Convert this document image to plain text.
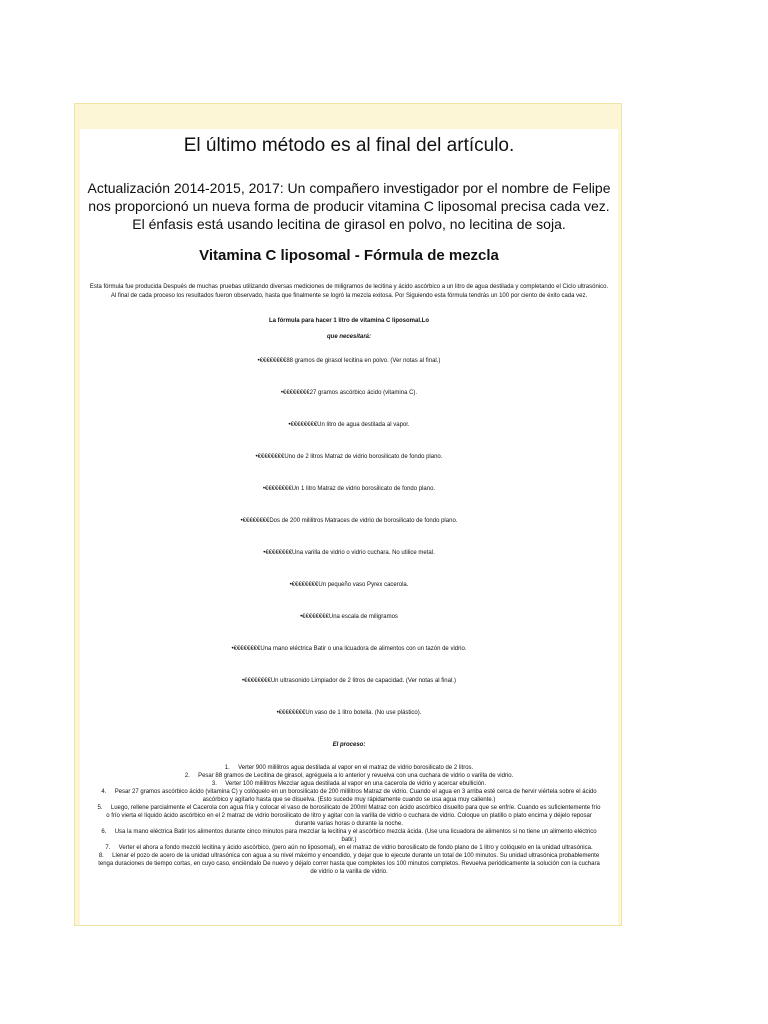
El último método es al final del artículo.

Actualización 2014-2015, 2017: Un compañero investigador por el nombre de Felipe nos proporcionó un nueva forma de producir vitamina C liposomal precisa cada vez. El énfasis está usando lecitina de girasol en polvo, no lecitina de soja.

Vitamina C liposomal - Fórmula de mezcla

Esta fórmula fue producida Después de muchas pruebas utilizando diversas mediciones de miligramos de lecitina y ácido ascórbico a un litro de agua destilada y completando el Ciclo ultrasónico. Al final de cada proceso los resultados fueron observado, hasta que finalmente se logró la mezcla exitosa. Por Siguiendo esta fórmula tendrás un 100 por ciento de éxito cada vez.

La fórmula para hacer 1 litro de vitamina C liposomal.Lo

que necesitará:

•€€€€€€€€88 gramos de girasol lecitina en polvo. (Ver notas al final.)
•€€€€€€€€27 gramos ascórbico ácido (vitamina C).
•€€€€€€€€Un litro de agua destilada al vapor.
•€€€€€€€€Uno de 2 litros Matraz de vidrio borosilicato de fondo plano.
•€€€€€€€€Un 1 litro Matraz de vidrio borosilicato de fondo plano.
•€€€€€€€€Dos de 200 mililitros Matraces de vidrio de borosilicato de fondo plano.
•€€€€€€€€Una varilla de vidrio o vidrio cuchara. No utilice metal.
•€€€€€€€€Un pequeño vaso Pyrex cacerola.
•€€€€€€€€Una escala de miligramos
•€€€€€€€€Una mano eléctrica Batir o una licuadora de alimentos con un tazón de vidrio.
•€€€€€€€€Un ultrasonido Limpiador de 2 litros de capacidad. (Ver notas al final.)
•€€€€€€€€Un vaso de 1 litro botella. (No use plástico).

El proceso:

1.     Verter 900 mililitros agua destilada al vapor en el matraz de vidrio borosilicato de 2 litros.
2.     Pesar 88 gramos de Lecitina de girasol, agréguela a lo anterior y revuelva con una cuchara de vidrio o varilla de vidrio.
3.     Verter 100 mililitros Mezclar agua destilada al vapor en una cacerola de vidrio y acercar ebullición.
4.     Pesar 27 gramos ascórbico ácido (vitamina C) y colóquelo en un borosilicato de 200 mililitros Matraz de vidrio. Cuando el agua en 3 arriba esté cerca de hervir viértela sobre el ácido ascórbico y agítarlo hasta que se disuelva. (Esto sucede muy rápidamente cuando se usa agua muy caliente.)
5.     Luego, rellene parcialmente el Cacerola con agua fría y colocar el vaso de borosilicato de 200ml Matraz con ácido ascórbico disuelto para que se enfríe. Cuando es suficientemente frío o frío vierta el líquido ácido ascórbico en el 2 matraz de vidrio borosilicato de litro y agitar con la varilla de vidrio o cuchara de vidrio. Coloque un platillo o plato encima y déjelo reposar durante varias horas o durante la noche.
6.     Usa la mano eléctrica Batir los alimentos durante cinco minutos para mezclar la lecitina y el ascórbico mezcla ácida. (Use una licuadora de alimentos si no tiene un alimento eléctrico batir.)
7.     Verter el ahora a fondo mezcló lecitina y ácido ascórbico, (pero aún no liposomal), en el matraz de vidrio borosilicato de fondo plano de 1 litro y colóquelo en la unidad ultrasónica.
8.     Llenar el pozo de acero de la unidad ultrasónica con agua a su nivel máximo y encendido, y dejar que lo ejecute durante un total de 100 minutos. Su unidad ultrasónica probablemente tenga duraciones de tiempo cortas, en cuyo caso, encièndalo De nuevo y déjalo correr hasta que completes los 100 minutos completos. Revuelva periódicamente la solución con la cuchara de vidrio o la varilla de vidrio.
